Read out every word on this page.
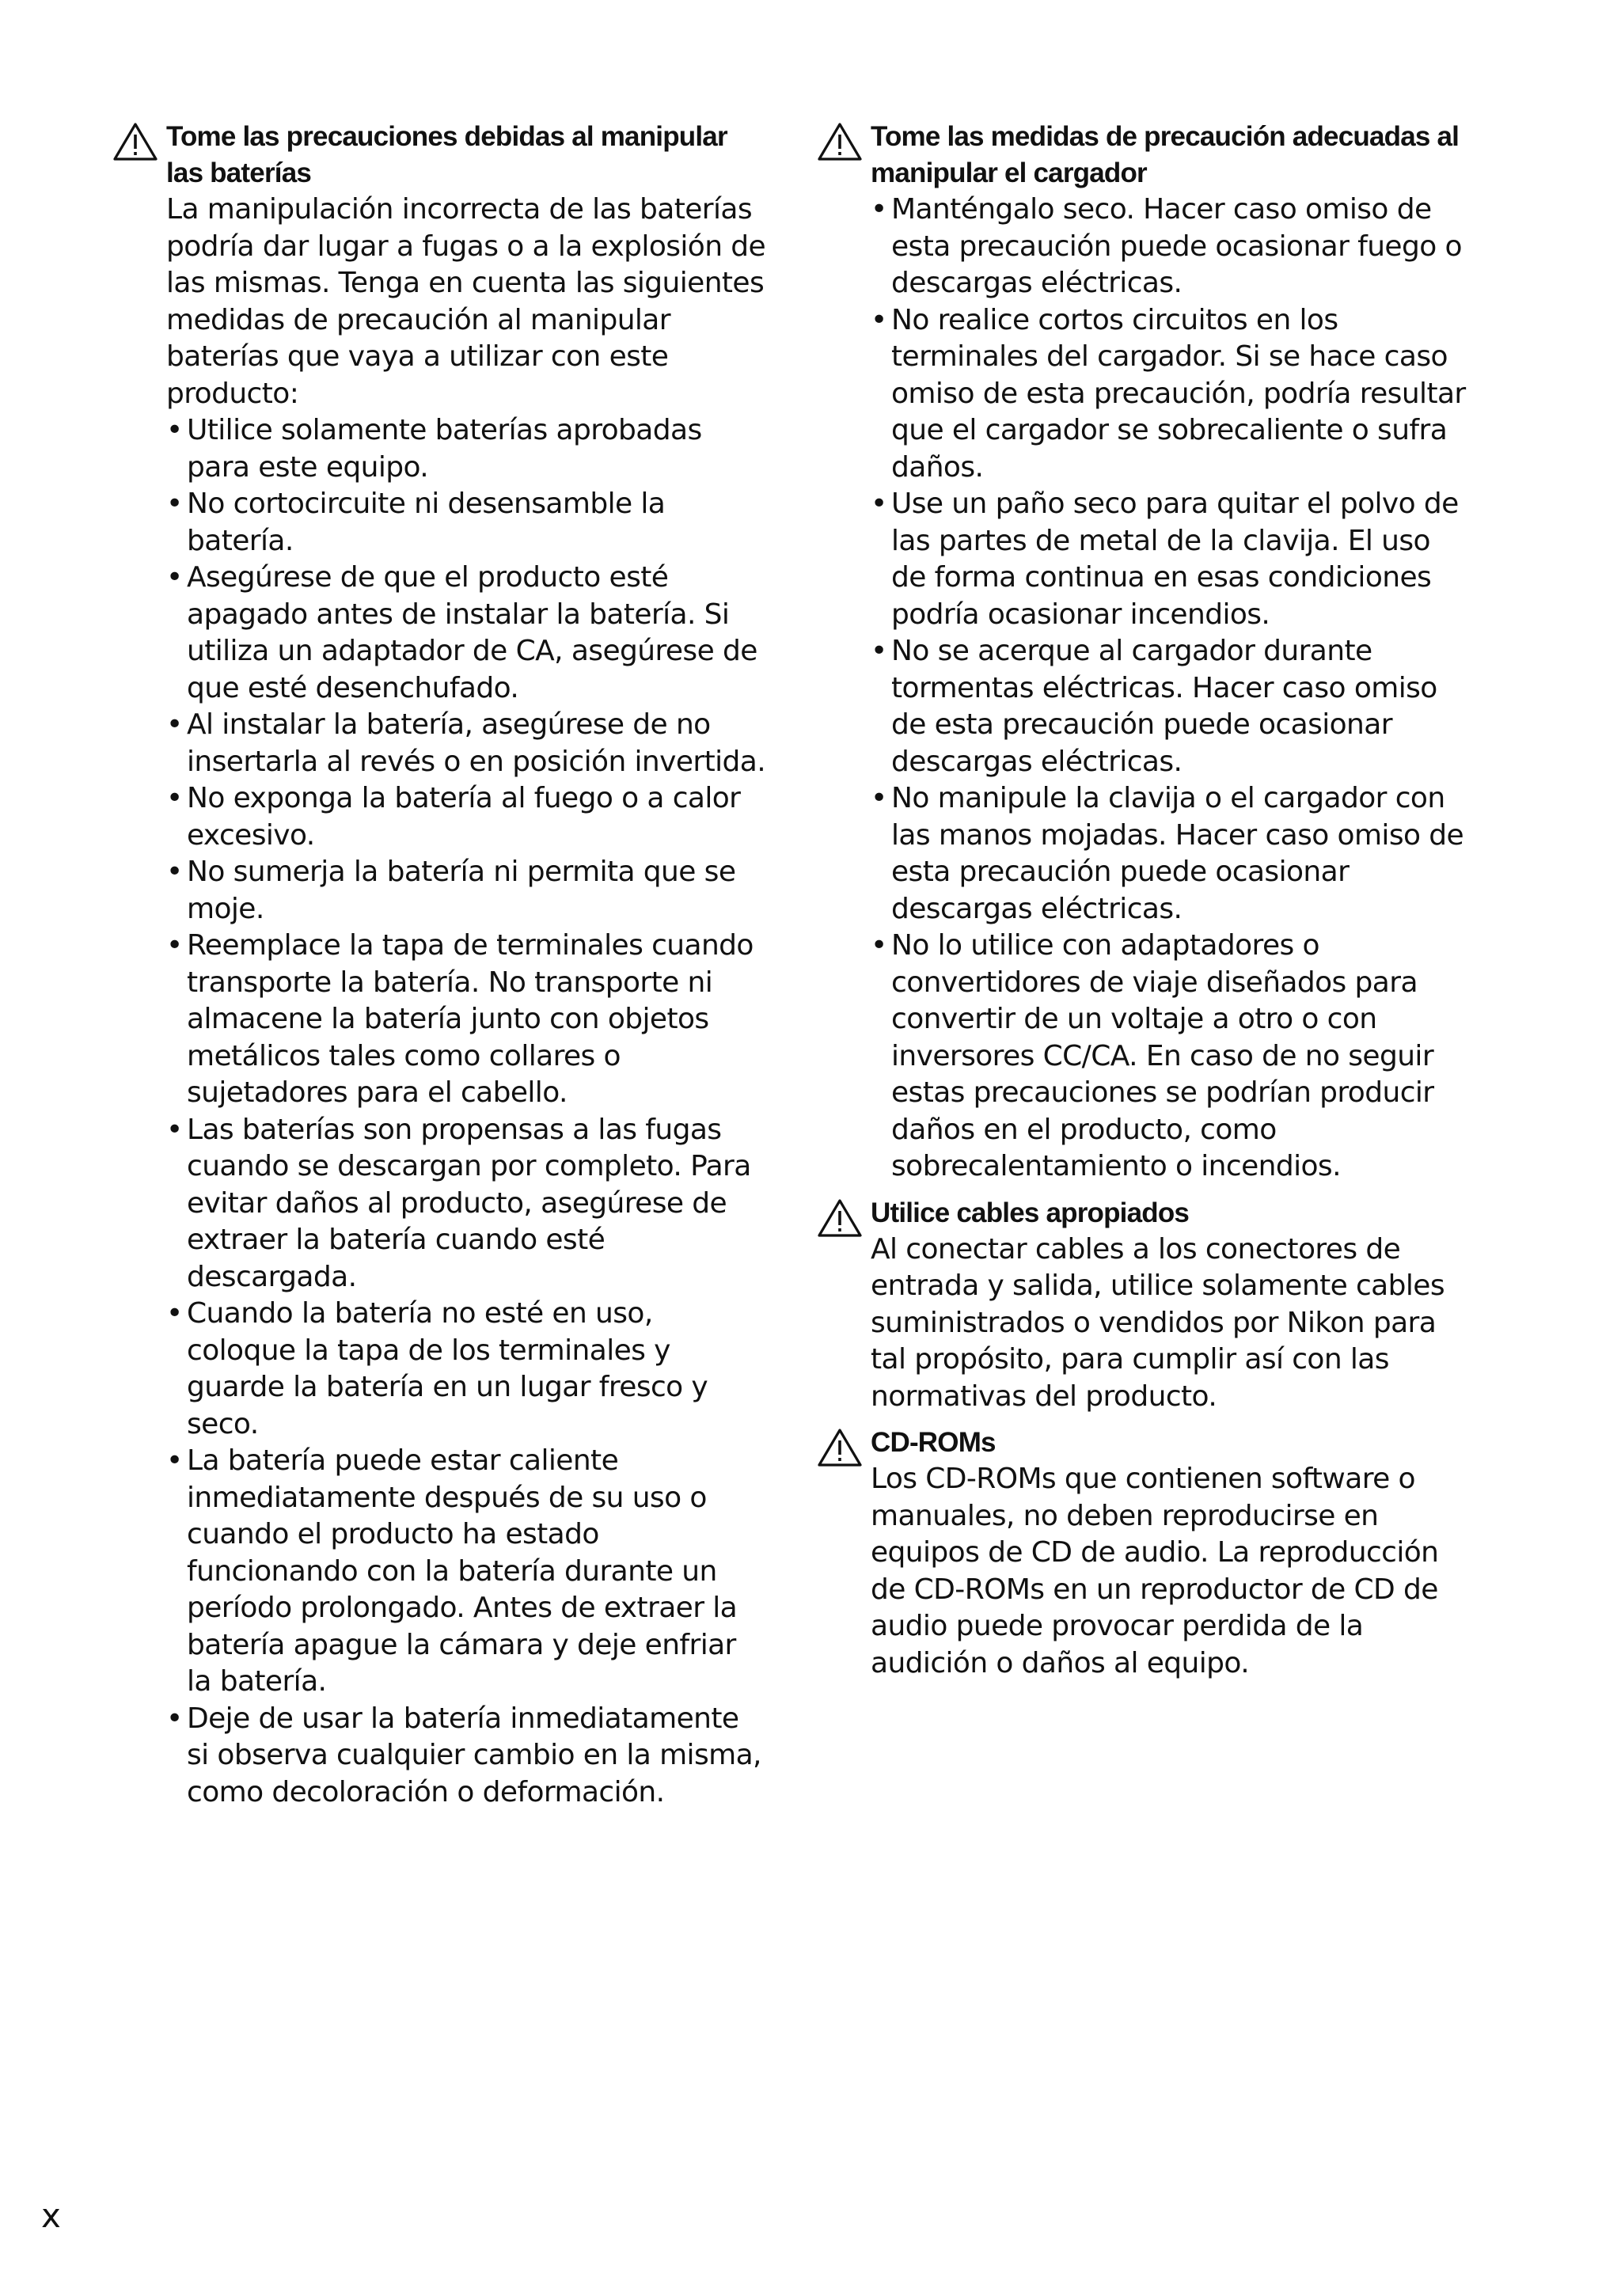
Tome las precauciones debidas al manipular las baterías

La manipulación incorrecta de las baterías podría dar lugar a fugas o a la explosión de las mismas. Tenga en cuenta las siguientes medidas de precaución al manipular baterías que vaya a utilizar con este producto:

• Utilice solamente baterías aprobadas para este equipo.
• No cortocircuite ni desensamble la batería.
• Asegúrese de que el producto esté apagado antes de instalar la batería. Si utiliza un adaptador de CA, asegúrese de que esté desenchufado.
• Al instalar la batería, asegúrese de no insertarla al revés o en posición invertida.
• No exponga la batería al fuego o a calor excesivo.
• No sumerja la batería ni permita que se moje.
• Reemplace la tapa de terminales cuando transporte la batería. No transporte ni almacene la batería junto con objetos metálicos tales como collares o sujetadores para el cabello.
• Las baterías son propensas a las fugas cuando se descargan por completo. Para evitar daños al producto, asegúrese de extraer la batería cuando esté descargada.
• Cuando la batería no esté en uso, coloque la tapa de los terminales y guarde la batería en un lugar fresco y seco.
• La batería puede estar caliente inmediatamente después de su uso o cuando el producto ha estado funcionando con la batería durante un período prolongado. Antes de extraer la batería apague la cámara y deje enfriar la batería.
• Deje de usar la batería inmediatamente si observa cualquier cambio en la misma, como decoloración o deformación.
Tome las medidas de precaución adecuadas al manipular el cargador
• Manténgalo seco. Hacer caso omiso de esta precaución puede ocasionar fuego o descargas eléctricas.
• No realice cortos circuitos en los terminales del cargador. Si se hace caso omiso de esta precaución, podría resultar que el cargador se sobrecaliente o sufra daños.
• Use un paño seco para quitar el polvo de las partes de metal de la clavija. El uso de forma continua en esas condiciones podría ocasionar incendios.
• No se acerque al cargador durante tormentas eléctricas. Hacer caso omiso de esta precaución puede ocasionar descargas eléctricas.
• No manipule la clavija o el cargador con las manos mojadas. Hacer caso omiso de esta precaución puede ocasionar descargas eléctricas.
• No lo utilice con adaptadores o convertidores de viaje diseñados para convertir de un voltaje a otro o con inversores CC/CA. En caso de no seguir estas precauciones se podrían producir daños en el producto, como sobrecalentamiento o incendios.
Utilice cables apropiados

Al conectar cables a los conectores de entrada y salida, utilice solamente cables suministrados o vendidos por Nikon para tal propósito, para cumplir así con las normativas del producto.

CD-ROMs

Los CD-ROMs que contienen software o manuales, no deben reproducirse en equipos de CD de audio. La reproducción de CD-ROMs en un reproductor de CD de audio puede provocar perdida de la audición o daños al equipo.

x
